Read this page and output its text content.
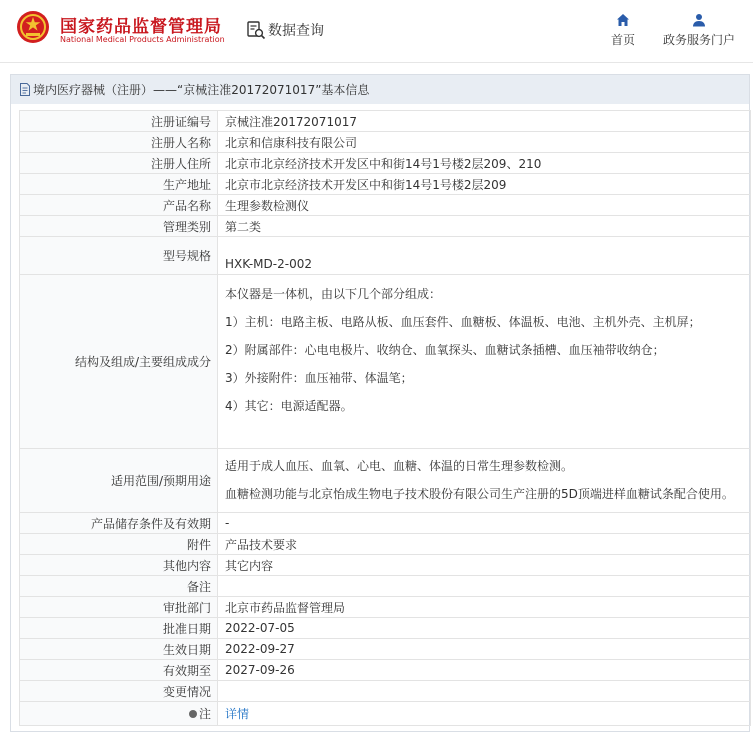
国家药品监督管理局
National Medical Products Administration
数据查询
首页 政务服务门户
境内医疗器械（注册）——“京械注准20172071017”基本信息
注册证编号	京械注准20172071017
注册人名称	北京和信康科技有限公司
注册人住所	北京市北京经济技术开发区中和街14号1号楼2层209、210
生产地址	北京市北京经济技术开发区中和街14号1号楼2层209
产品名称	生理参数检测仪
管理类别	第二类
型号规格	HXK-MD-2-002
结构及组成/主要组成成分	本仪器是一体机，由以下几个部分组成：

1）主机：电路主板、电路从板、血压套件、血糖板、体温板、电池、主机外壳、主机屏；

2）附属部件：心电电极片、收纳仓、血氧探头、血糖试条插槽、血压袖带收纳仓；

3）外接附件：血压袖带、体温笔；

4）其它：电源适配器。

适用范围/预期用途	适用于成人血压、血氧、心电、血糖、体温的日常生理参数检测。

血糖检测功能与北京怡成生物电子技术股份有限公司生产注册的5D顶端进样血糖试条配合使用。

产品储存条件及有效期	-
附件	产品技术要求
其他内容	其它内容
备注	
审批部门	北京市药品监督管理局
批准日期	2022-07-05
生效日期	2022-09-27
有效期至	2027-09-26
变更情况	
注	详情
